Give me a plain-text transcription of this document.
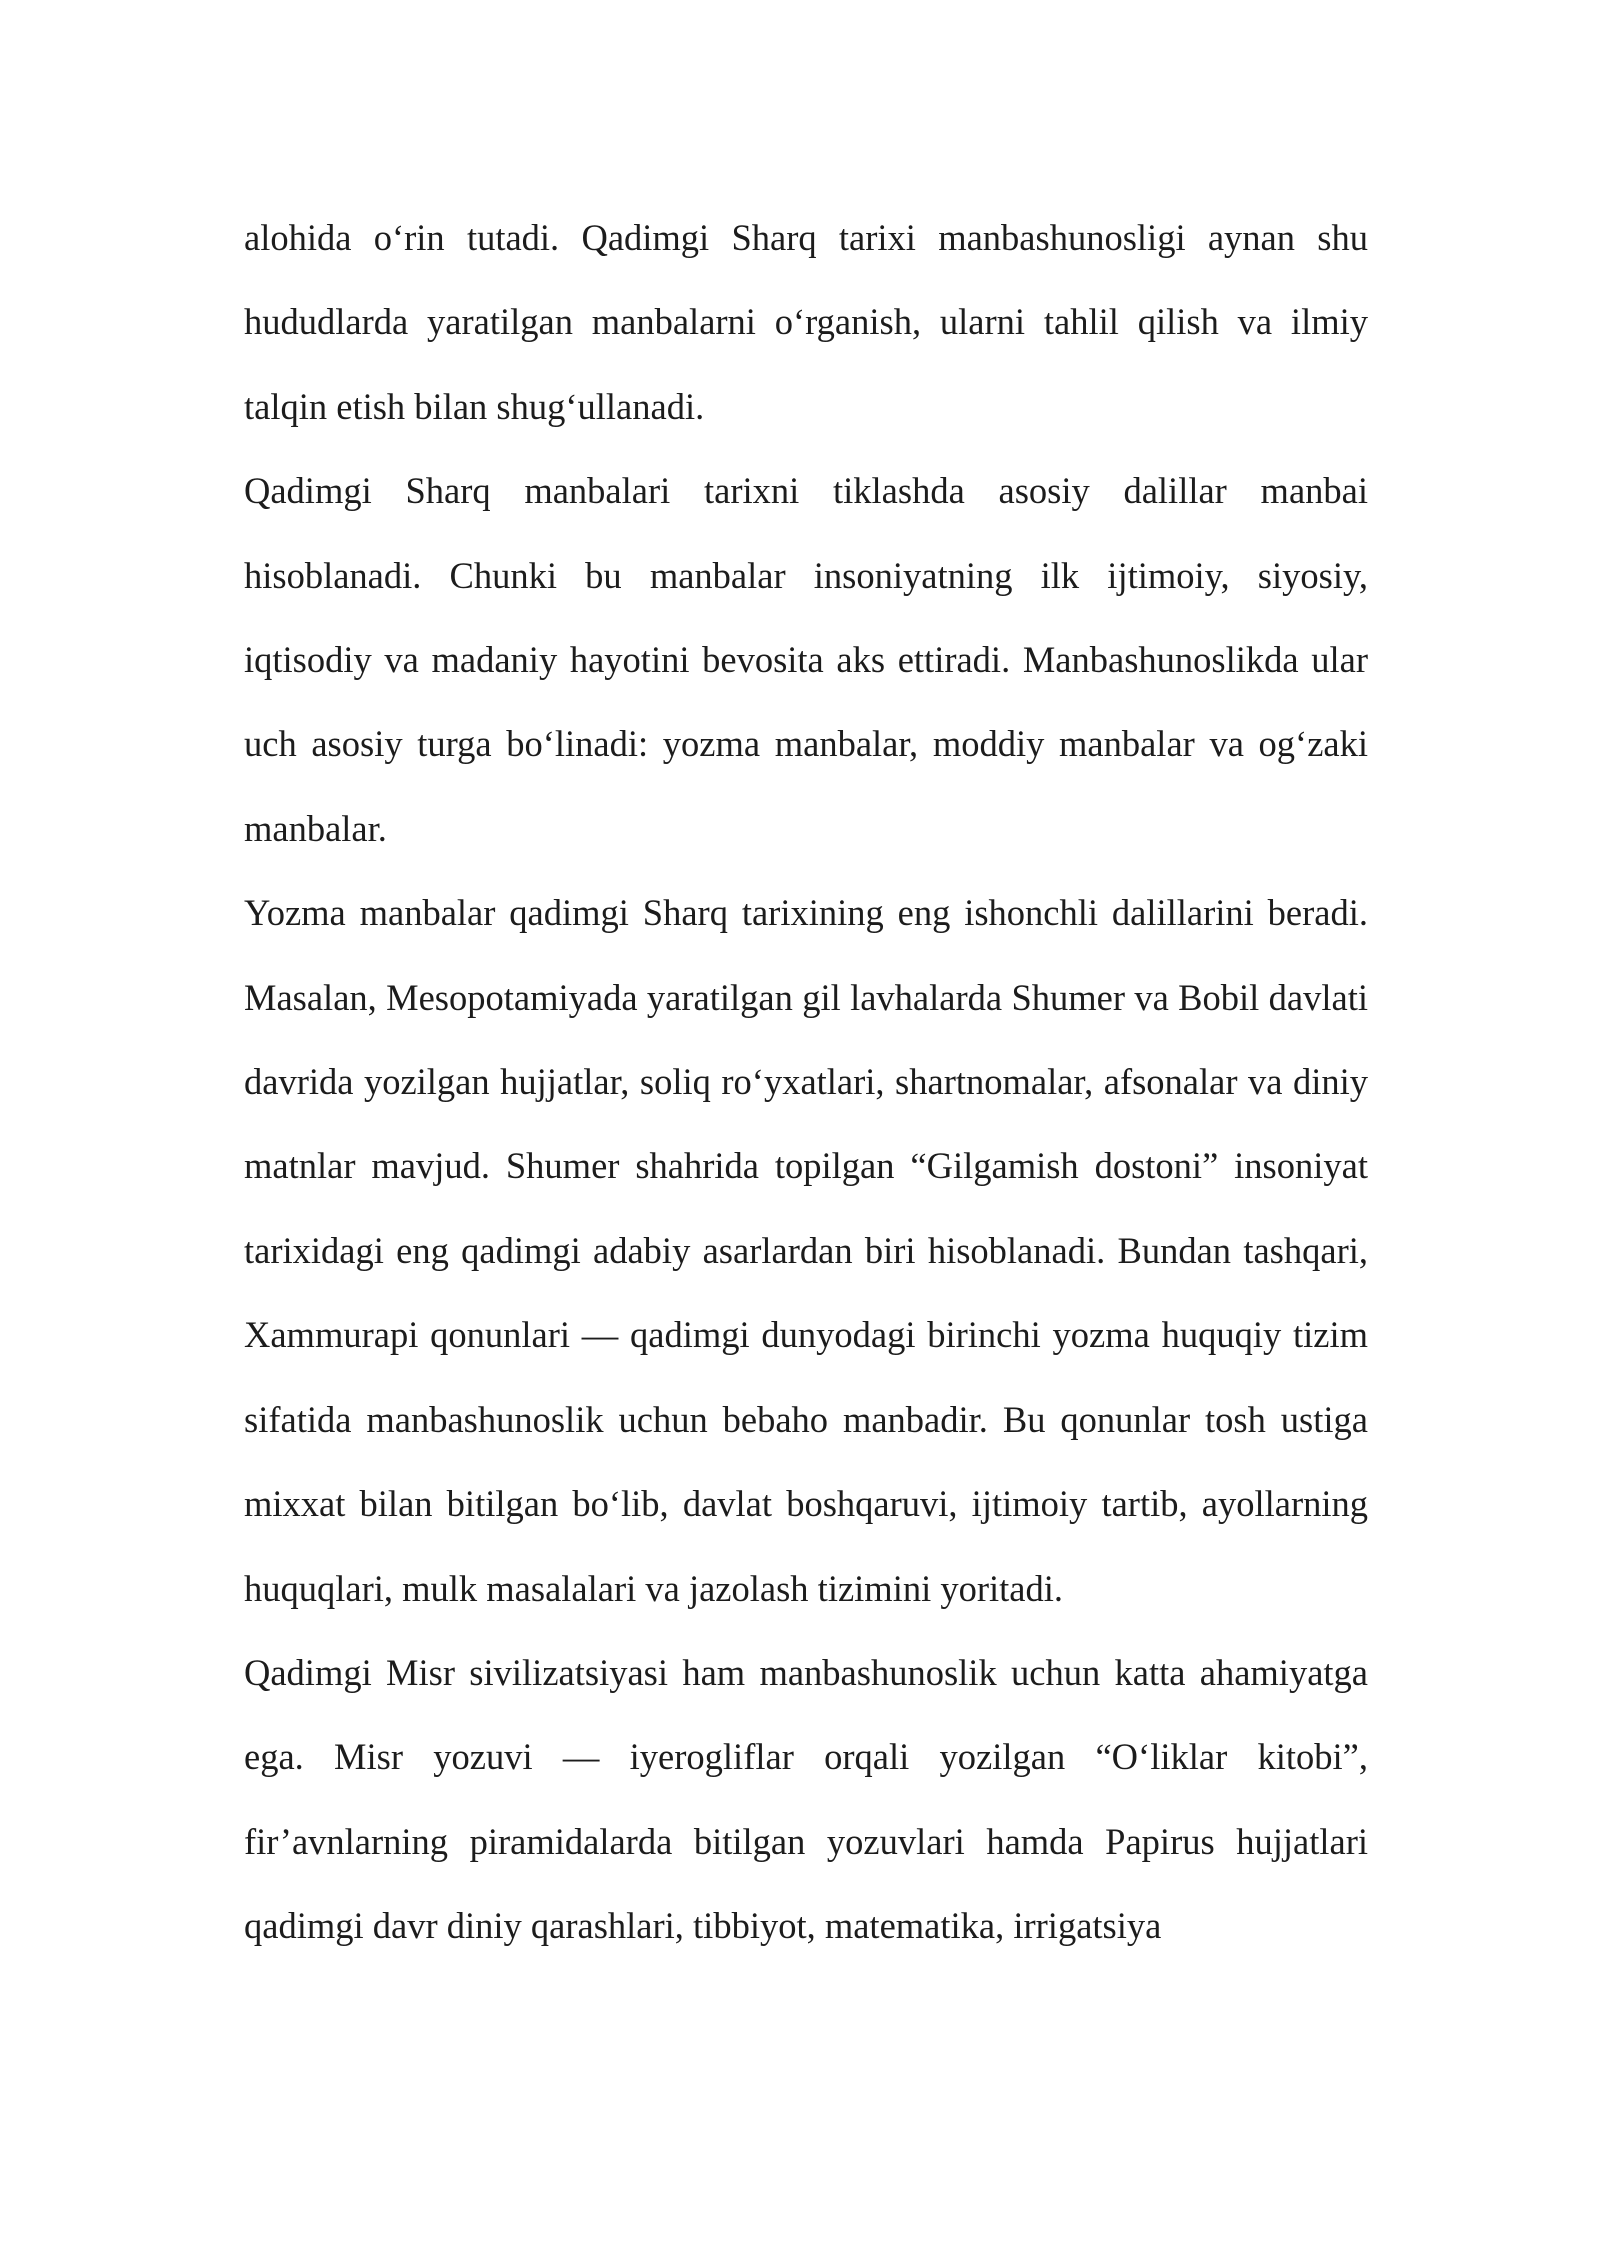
alohida o‘rin tutadi. Qadimgi Sharq tarixi manbashunosligi aynan shu hududlarda yaratilgan manbalarni o‘rganish, ularni tahlil qilish va ilmiy talqin etish bilan shug‘ullanadi.

Qadimgi Sharq manbalari tarixni tiklashda asosiy dalillar manbai hisoblanadi. Chunki bu manbalar insoniyatning ilk ijtimoiy, siyosiy, iqtisodiy va madaniy hayotini bevosita aks ettiradi. Manbashunoslikda ular uch asosiy turga bo‘linadi: yozma manbalar, moddiy manbalar va og‘zaki manbalar.

Yozma manbalar qadimgi Sharq tarixining eng ishonchli dalillarini beradi. Masalan, Mesopotamiyada yaratilgan gil lavhalarda Shumer va Bobil davlati davrida yozilgan hujjatlar, soliq ro‘yxatlari, shartnomalar, afsonalar va diniy matnlar mavjud. Shumer shahrida topilgan “Gilgamish dostoni” insoniyat tarixidagi eng qadimgi adabiy asarlardan biri hisoblanadi. Bundan tashqari, Xammurapi qonunlari — qadimgi dunyodagi birinchi yozma huquqiy tizim sifatida manbashunoslik uchun bebaho manbadir. Bu qonunlar tosh ustiga mixxat bilan bitilgan bo‘lib, davlat boshqaruvi, ijtimoiy tartib, ayollarning huquqlari, mulk masalalari va jazolash tizimini yoritadi.

Qadimgi Misr sivilizatsiyasi ham manbashunoslik uchun katta ahamiyatga ega. Misr yozuvi — iyerogliflar orqali yozilgan “O‘liklar kitobi”, fir’avnlarning piramidalarda bitilgan yozuvlari hamda Papirus hujjatlari qadimgi davr diniy qarashlari, tibbiyot, matematika, irrigatsiya
